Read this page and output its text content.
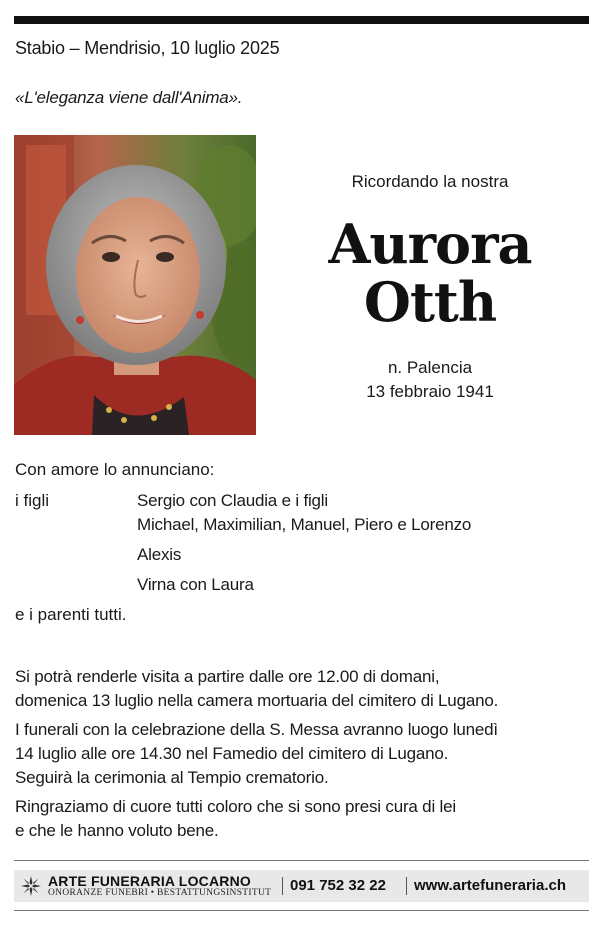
Stabio – Mendrisio, 10 luglio 2025
«L'eleganza viene dall'Anima».
Ricordando la nostra
Aurora
Otth
n. Palencia
13 febbraio 1941
Con amore lo annunciano:
i figli	Sergio con Claudia e i figli
Michael, Maximilian, Manuel, Piero e Lorenzo
Alexis
Virna con Laura
e i parenti tutti.
Si potrà renderle visita a partire dalle ore 12.00 di domani,
domenica 13 luglio nella camera mortuaria del cimitero di Lugano.
I funerali con la celebrazione della S. Messa avranno luogo lunedì
14 luglio alle ore 14.30 nel Famedio del cimitero di Lugano.
Seguirà la cerimonia al Tempio crematorio.
Ringraziamo di cuore tutti coloro che si sono presi cura di lei
e che le hanno voluto bene.
ARTE FUNERARIA LOCARNO
ONORANZE FUNEBRI • BESTATTUNGSINSTITUT 091 752 32 22 www.artefuneraria.ch
